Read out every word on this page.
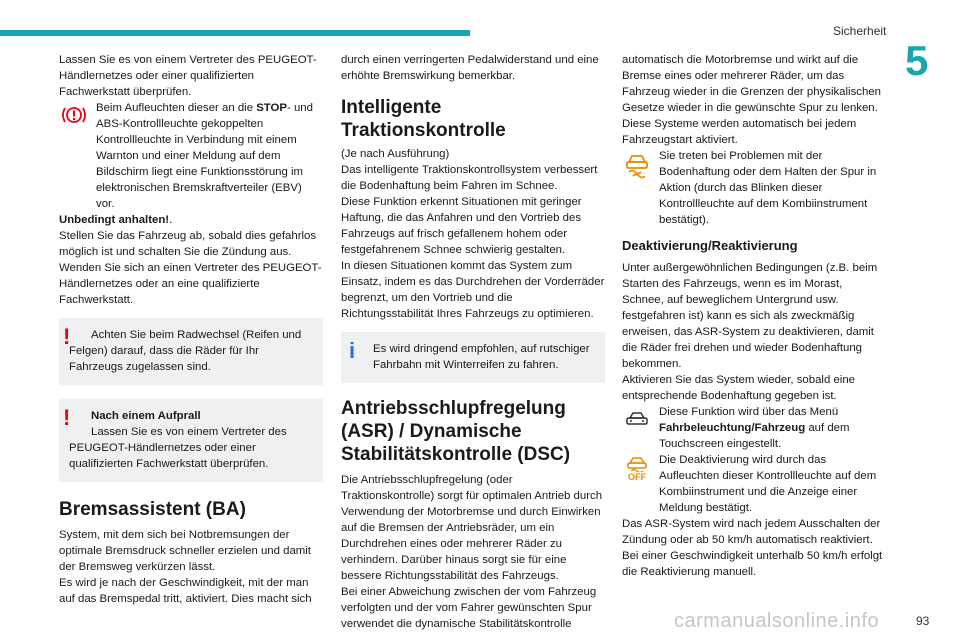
Sicherheit
5

Lassen Sie es von einem Vertreter des PEUGEOT-Händlernetzes oder einer qualifizierten Fachwerkstatt überprüfen.

Beim Aufleuchten dieser an die STOP- und ABS-Kontrollleuchte gekoppelten Kontrollleuchte in Verbindung mit einem Warnton und einer Meldung auf dem Bildschirm liegt eine Funktionsstörung im elektronischen Bremskraftverteiler (EBV) vor.

Unbedingt anhalten!.

Stellen Sie das Fahrzeug ab, sobald dies gefahrlos möglich ist und schalten Sie die Zündung aus.

Wenden Sie sich an einen Vertreter des PEUGEOT-Händlernetzes oder an eine qualifizierte Fachwerkstatt.

!	Achten Sie beim Radwechsel (Reifen und Felgen) darauf, dass die Räder für Ihr Fahrzeugs zugelassen sind.

!	Nach einem Aufprall

Lassen Sie es von einem Vertreter des PEUGEOT-Händlernetzes oder einer qualifizierten Fachwerkstatt überprüfen.

Bremsassistent (BA)

System, mit dem sich bei Notbremsungen der optimale Bremsdruck schneller erzielen und damit der Bremsweg verkürzen lässt.

Es wird je nach der Geschwindigkeit, mit der man auf das Bremspedal tritt, aktiviert. Dies macht sich

durch einen verringerten Pedalwiderstand und eine erhöhte Bremswirkung bemerkbar.

Intelligente Traktionskontrolle

(Je nach Ausführung)

Das intelligente Traktionskontrollsystem verbessert die Bodenhaftung beim Fahren im Schnee.

Diese Funktion erkennt Situationen mit geringer Haftung, die das Anfahren und den Vortrieb des Fahrzeugs auf frisch gefallenem hohem oder festgefahrenem Schnee schwierig gestalten.

In diesen Situationen kommt das System zum Einsatz, indem es das Durchdrehen der Vorderräder begrenzt, um den Vortrieb und die Richtungsstabilität Ihres Fahrzeugs zu optimieren.

i	Es wird dringend empfohlen, auf rutschiger Fahrbahn mit Winterreifen zu fahren.

Antriebsschlupfregelung (ASR) / Dynamische Stabilitätskontrolle (DSC)

Die Antriebsschlupfregelung (oder Traktionskontrolle) sorgt für optimalen Antrieb durch Verwendung der Motorbremse und durch Einwirken auf die Bremsen der Antriebsräder, um ein Durchdrehen eines oder mehrerer Räder zu verhindern. Darüber hinaus sorgt sie für eine bessere Richtungsstabilität des Fahrzeugs.

Bei einer Abweichung zwischen der vom Fahrzeug verfolgten und der vom Fahrer gewünschten Spur verwendet die dynamische Stabilitätskontrolle

automatisch die Motorbremse und wirkt auf die Bremse eines oder mehrerer Räder, um das Fahrzeug wieder in die Grenzen der physikalischen Gesetze wieder in die gewünschte Spur zu lenken.

Diese Systeme werden automatisch bei jedem Fahrzeugstart aktiviert.

Sie treten bei Problemen mit der Bodenhaftung oder dem Halten der Spur in Aktion (durch das Blinken dieser Kontrollleuchte auf dem Kombiinstrument bestätigt).

Deaktivierung/Reaktivierung

Unter außergewöhnlichen Bedingungen (z.B. beim Starten des Fahrzeugs, wenn es im Morast, Schnee, auf beweglichem Untergrund usw. festgefahren ist) kann es sich als zweckmäßig erweisen, das ASR-System zu deaktivieren, damit die Räder frei drehen und wieder Bodenhaftung bekommen.

Aktivieren Sie das System wieder, sobald eine entsprechende Bodenhaftung gegeben ist.

Diese Funktion wird über das Menü Fahrbeleuchtung/Fahrzeug auf dem Touchscreen eingestellt.

OFF

Die Deaktivierung wird durch das Aufleuchten dieser Kontrollleuchte auf dem Kombiinstrument und die Anzeige einer Meldung bestätigt.

Das ASR-System wird nach jedem Ausschalten der Zündung oder ab 50 km/h automatisch reaktiviert.

Bei einer Geschwindigkeit unterhalb 50 km/h erfolgt die Reaktivierung manuell.

carmanualsonline.info	93
